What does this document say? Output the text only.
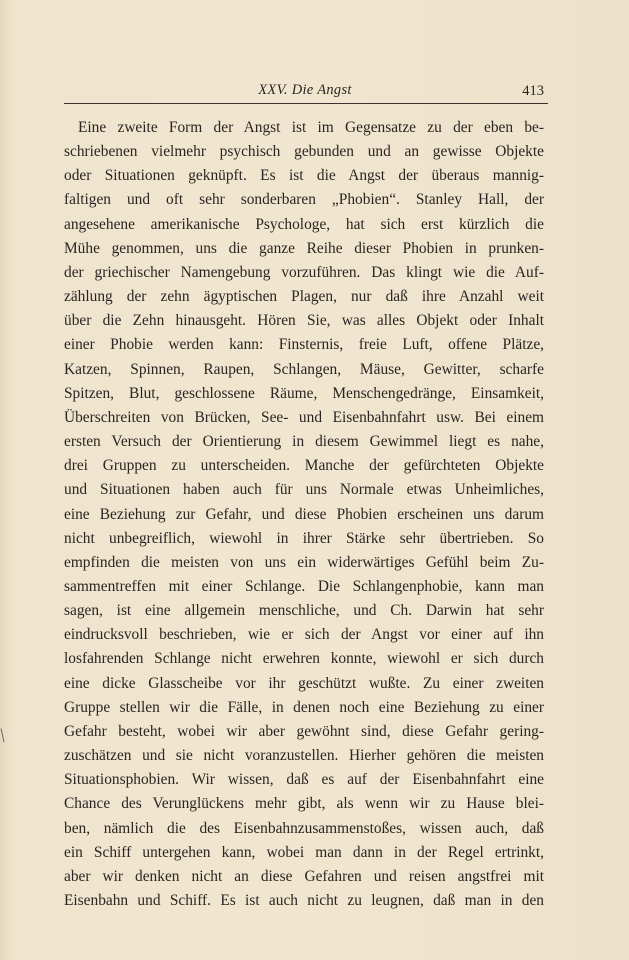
XXV. Die Angst	413
Eine zweite Form der Angst ist im Gegensatze zu der eben be-
schriebenen vielmehr psychisch gebunden und an gewisse Objekte
oder Situationen geknüpft. Es ist die Angst der überaus mannig-
faltigen und oft sehr sonderbaren „Phobien“. Stanley Hall, der
angesehene amerikanische Psychologe, hat sich erst kürzlich die
Mühe genommen, uns die ganze Reihe dieser Phobien in prunken-
der griechischer Namengebung vorzuführen. Das klingt wie die Auf-
zählung der zehn ägyptischen Plagen, nur daß ihre Anzahl weit
über die Zehn hinausgeht. Hören Sie, was alles Objekt oder Inhalt
einer Phobie werden kann: Finsternis, freie Luft, offene Plätze,
Katzen, Spinnen, Raupen, Schlangen, Mäuse, Gewitter, scharfe
Spitzen, Blut, geschlossene Räume, Menschengedränge, Einsamkeit,
Überschreiten von Brücken, See- und Eisenbahnfahrt usw. Bei einem
ersten Versuch der Orientierung in diesem Gewimmel liegt es nahe,
drei Gruppen zu unterscheiden. Manche der gefürchteten Objekte
und Situationen haben auch für uns Normale etwas Unheimliches,
eine Beziehung zur Gefahr, und diese Phobien erscheinen uns darum
nicht unbegreiflich, wiewohl in ihrer Stärke sehr übertrieben. So
empfinden die meisten von uns ein widerwärtiges Gefühl beim Zu-
sammentreffen mit einer Schlange. Die Schlangenphobie, kann man
sagen, ist eine allgemein menschliche, und Ch. Darwin hat sehr
eindrucksvoll beschrieben, wie er sich der Angst vor einer auf ihn
losfahrenden Schlange nicht erwehren konnte, wiewohl er sich durch
eine dicke Glasscheibe vor ihr geschützt wußte. Zu einer zweiten
Gruppe stellen wir die Fälle, in denen noch eine Beziehung zu einer
Gefahr besteht, wobei wir aber gewöhnt sind, diese Gefahr gering-
zuschätzen und sie nicht voranzustellen. Hierher gehören die meisten
Situationsphobien. Wir wissen, daß es auf der Eisenbahnfahrt eine
Chance des Verunglückens mehr gibt, als wenn wir zu Hause blei-
ben, nämlich die des Eisenbahnzusammenstoßes, wissen auch, daß
ein Schiff untergehen kann, wobei man dann in der Regel ertrinkt,
aber wir denken nicht an diese Gefahren und reisen angstfrei mit
Eisenbahn und Schiff. Es ist auch nicht zu leugnen, daß man in den
